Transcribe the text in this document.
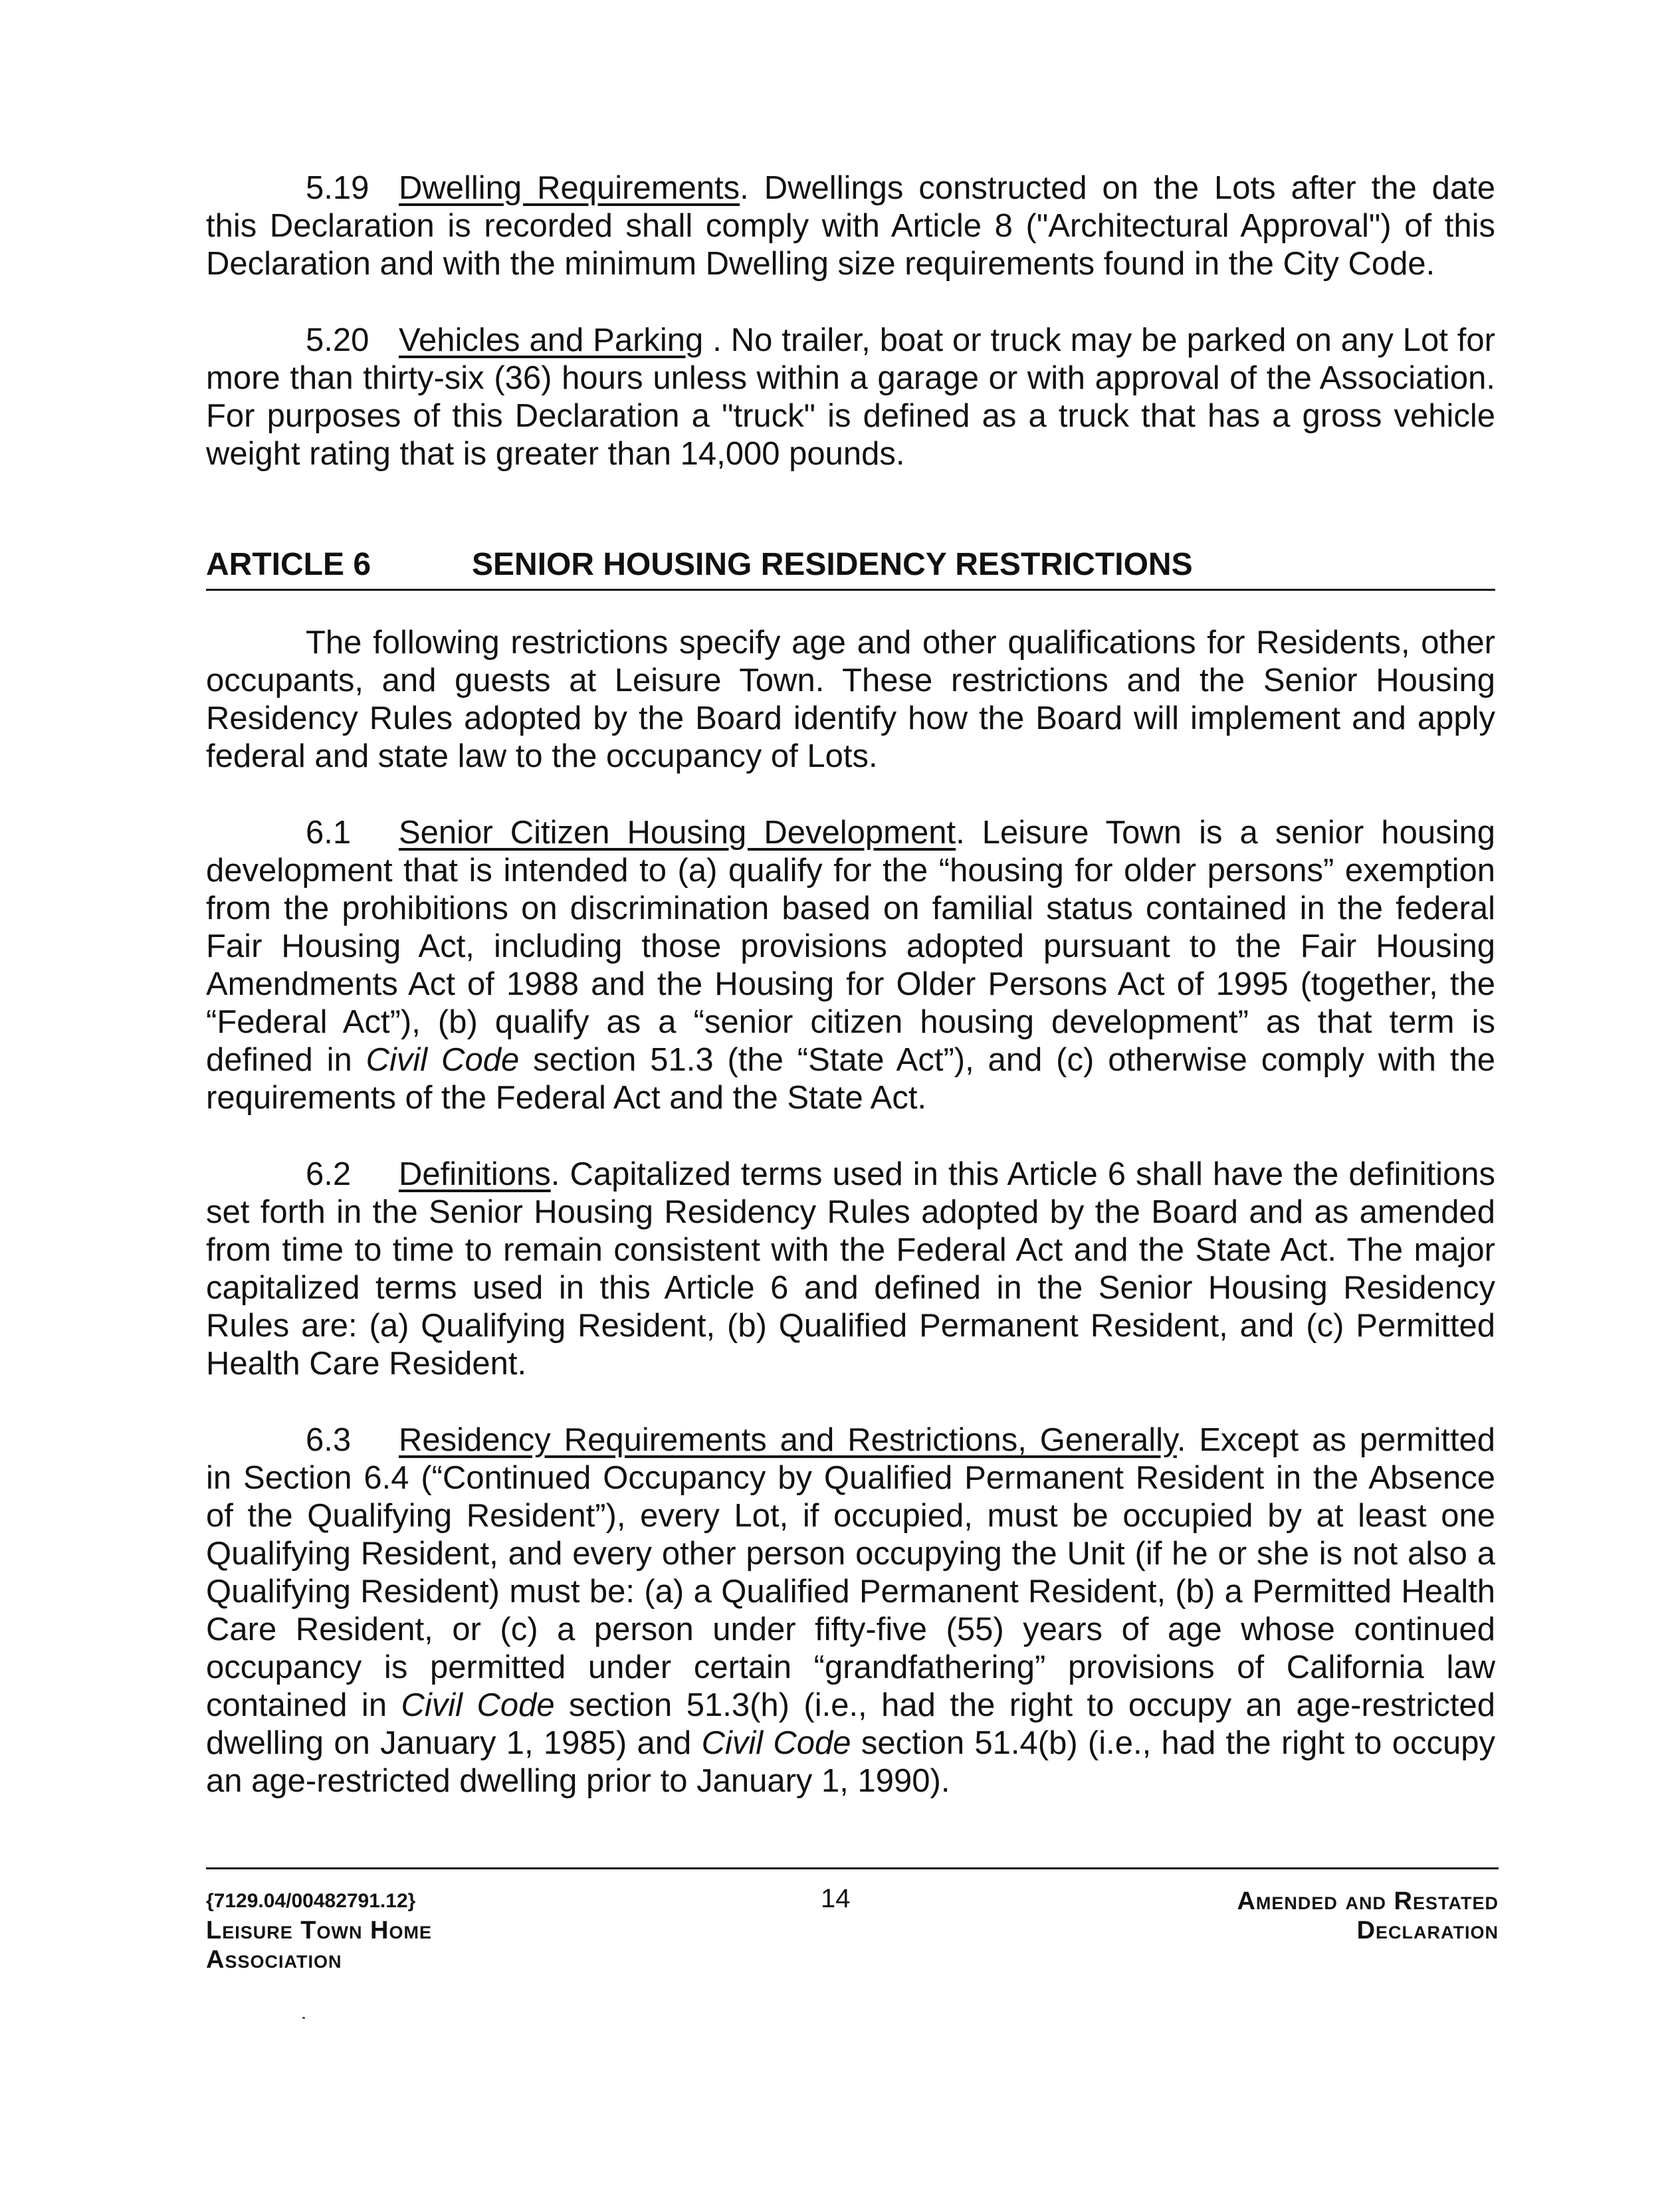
5.19 Dwelling Requirements. Dwellings constructed on the Lots after the date this Declaration is recorded shall comply with Article 8 ("Architectural Approval") of this Declaration and with the minimum Dwelling size requirements found in the City Code.

5.20 Vehicles and Parking . No trailer, boat or truck may be parked on any Lot for more than thirty-six (36) hours unless within a garage or with approval of the Association. For purposes of this Declaration a "truck" is defined as a truck that has a gross vehicle weight rating that is greater than 14,000 pounds.

ARTICLE 6	SENIOR HOUSING RESIDENCY RESTRICTIONS

The following restrictions specify age and other qualifications for Residents, other occupants, and guests at Leisure Town. These restrictions and the Senior Housing Residency Rules adopted by the Board identify how the Board will implement and apply federal and state law to the occupancy of Lots.

6.1 Senior Citizen Housing Development. Leisure Town is a senior housing development that is intended to (a) qualify for the “housing for older persons” exemption from the prohibitions on discrimination based on familial status contained in the federal Fair Housing Act, including those provisions adopted pursuant to the Fair Housing Amendments Act of 1988 and the Housing for Older Persons Act of 1995 (together, the “Federal Act”), (b) qualify as a “senior citizen housing development” as that term is defined in Civil Code section 51.3 (the “State Act”), and (c) otherwise comply with the requirements of the Federal Act and the State Act.

6.2 Definitions. Capitalized terms used in this Article 6 shall have the definitions set forth in the Senior Housing Residency Rules adopted by the Board and as amended from time to time to remain consistent with the Federal Act and the State Act. The major capitalized terms used in this Article 6 and defined in the Senior Housing Residency Rules are: (a) Qualifying Resident, (b) Qualified Permanent Resident, and (c) Permitted Health Care Resident.

6.3 Residency Requirements and Restrictions, Generally. Except as permitted in Section 6.4 (“Continued Occupancy by Qualified Permanent Resident in the Absence of the Qualifying Resident”), every Lot, if occupied, must be occupied by at least one Qualifying Resident, and every other person occupying the Unit (if he or she is not also a Qualifying Resident) must be: (a) a Qualified Permanent Resident, (b) a Permitted Health Care Resident, or (c) a person under fifty-five (55) years of age whose continued occupancy is permitted under certain “grandfathering” provisions of California law contained in Civil Code section 51.3(h) (i.e., had the right to occupy an age-restricted dwelling on January 1, 1985) and Civil Code section 51.4(b) (i.e., had the right to occupy an age-restricted dwelling prior to January 1, 1990).

{7129.04/00482791.12}
Leisure Town Home
Association
14	Amended and Restated
Declaration
